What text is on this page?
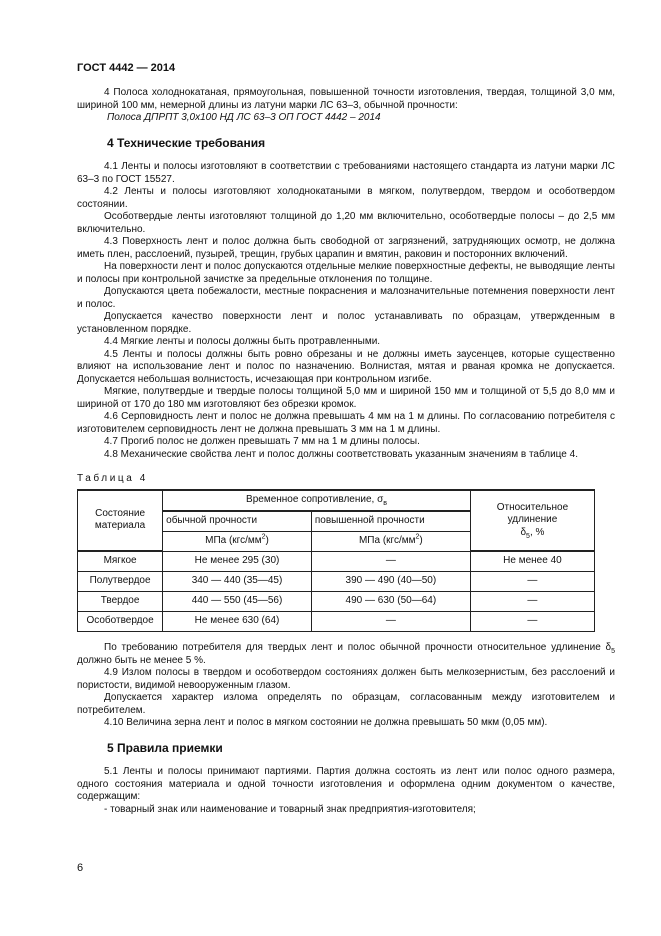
ГОСТ 4442 — 2014

4 Полоса холоднокатаная, прямоугольная, повышенной точности изготовления, твердая, толщиной 3,0 мм, шириной 100 мм, немерной длины из латуни марки ЛС 63–3, обычной прочности:

Полоса ДПРПТ 3,0х100 НД ЛС 63–3 ОП ГОСТ 4442 – 2014

4 Технические требования

4.1 Ленты и полосы изготовляют в соответствии с требованиями настоящего стандарта из латуни марки ЛС 63–3 по ГОСТ 15527.

4.2 Ленты и полосы изготовляют холоднокатаными в мягком, полутвердом, твердом и особотвердом состоянии.

Особотвердые ленты изготовляют толщиной до 1,20 мм включительно, особотвердые полосы – до 2,5 мм включительно.

4.3 Поверхность лент и полос должна быть свободной от загрязнений, затрудняющих осмотр, не должна иметь плен, расслоений, пузырей, трещин, грубых царапин и вмятин, раковин и посторонних включений.

На поверхности лент и полос допускаются отдельные мелкие поверхностные дефекты, не выводящие ленты и полосы при контрольной зачистке за предельные отклонения по толщине.

Допускаются цвета побежалости, местные покраснения и малозначительные потемнения поверхности лент и полос.

Допускается качество поверхности лент и полос устанавливать по образцам, утвержденным в установленном порядке.

4.4 Мягкие ленты и полосы должны быть протравленными.

4.5 Ленты и полосы должны быть ровно обрезаны и не должны иметь заусенцев, которые существенно влияют на использование лент и полос по назначению. Волнистая, мятая и рваная кромка не допускается. Допускается небольшая волнистость, исчезающая при контрольном изгибе.

Мягкие, полутвердые и твердые полосы толщиной 5,0 мм и шириной 150 мм и толщиной от 5,5 до 8,0 мм и шириной от 170 до 180 мм изготовляют без обрезки кромок.

4.6 Серповидность лент и полос не должна превышать 4 мм на 1 м длины. По согласованию потребителя с изготовителем серповидность лент не должна превышать 3 мм на 1 м длины.

4.7 Прогиб полос не должен превышать 7 мм на 1 м длины полосы.

4.8 Механические свойства лент и полос должны соответствовать указанным значениям в таблице 4.

Таблица 4
Состояние материала	Временное сопротивление, $\sigma_в$		Относительное удлинение
$\delta_5$, %
	обычной прочности	повышенной прочности	
	МПа $(кгс/мм^2)$	МПа $(кгс/мм^2)$	
Мягкое	Не менее 295 (30)	—	Не менее 40
Полутвердое	340 — 440 (35—45)	390 — 490 (40—50)	—
Твердое	440 — 550 (45—56)	490 — 630 (50—64)	—
Особотвердое	Не менее 630 (64)	—	—

По требованию потребителя для твердых лент и полос обычной прочности относительное удлинение $\delta_5$ должно быть не менее 5 %.

4.9 Излом полосы в твердом и особотвердом состояниях должен быть мелкозернистым, без расслоений и пористости, видимой невооруженным глазом.

Допускается характер излома определять по образцам, согласованным между изготовителем и потребителем.

4.10 Величина зерна лент и полос в мягком состоянии не должна превышать 50 мкм (0,05 мм).

5 Правила приемки

5.1 Ленты и полосы принимают партиями. Партия должна состоять из лент или полос одного размера, одного состояния материала и одной точности изготовления и оформлена одним документом о качестве, содержащим:

- товарный знак или наименование и товарный знак предприятия-изготовителя;

6
